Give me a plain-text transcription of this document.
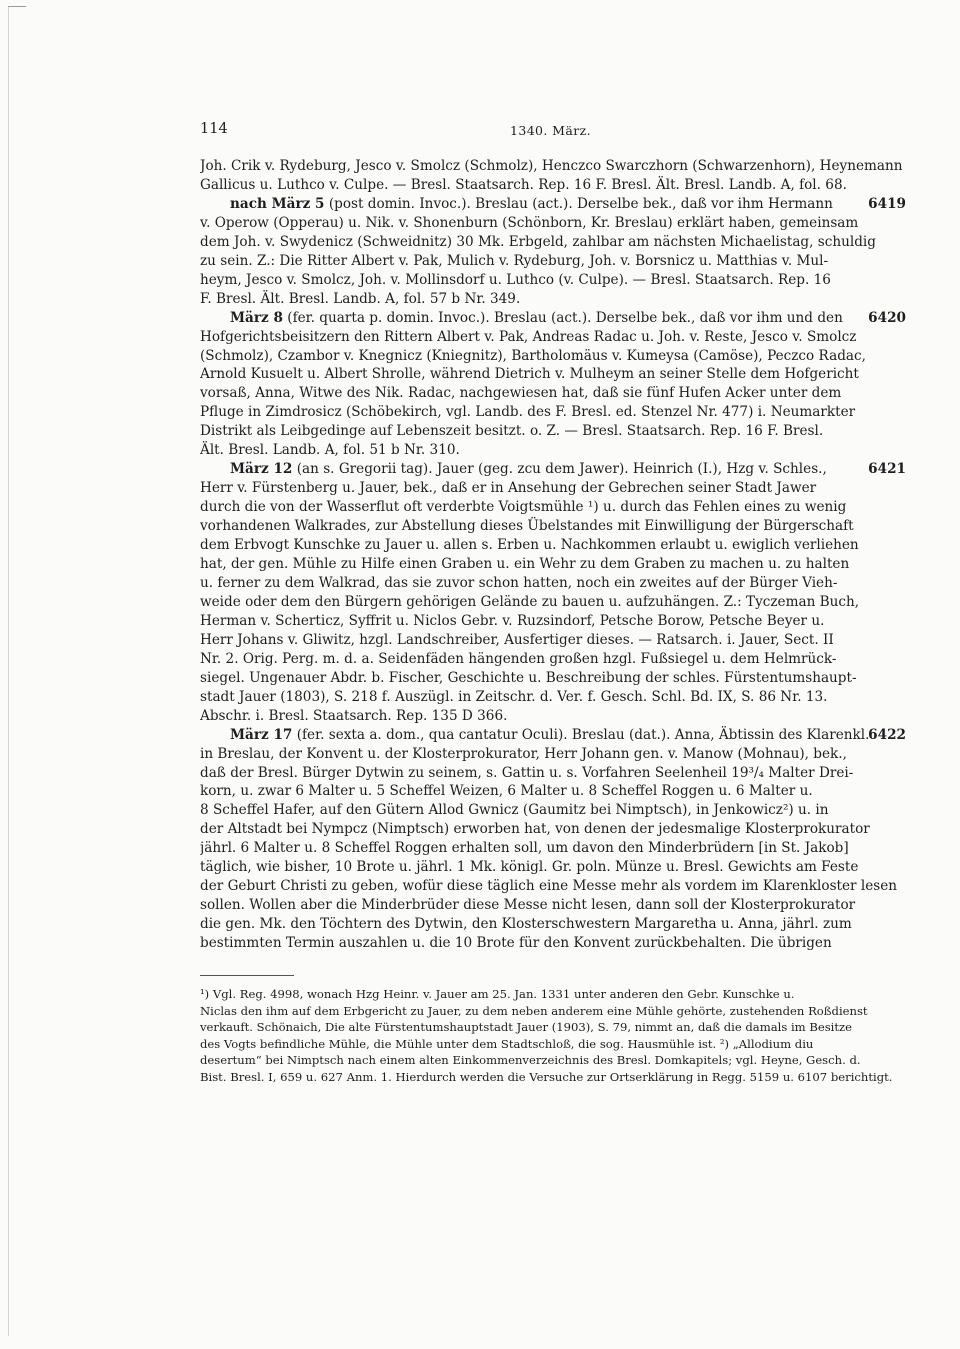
114	1340. März.
Joh. Crik v. Rydeburg, Jesco v. Smolcz (Schmolz), Henczco Swarczhorn (Schwarzenhorn), Heynemann
Gallicus u. Luthco v. Culpe. — Bresl. Staatsarch. Rep. 16 F. Bresl. Ält. Bresl. Landb. A, fol. 68.
6419
nach März 5 (post domin. Invoc.). Breslau (act.). Derselbe bek., daß vor ihm Hermann
v. Operow (Opperau) u. Nik. v. Shonenburn (Schönborn, Kr. Breslau) erklärt haben, gemeinsam
dem Joh. v. Swydenicz (Schweidnitz) 30 Mk. Erbgeld, zahlbar am nächsten Michaelistag, schuldig
zu sein. Z.: Die Ritter Albert v. Pak, Mulich v. Rydeburg, Joh. v. Borsnicz u. Matthias v. Mul-
heym, Jesco v. Smolcz, Joh. v. Mollinsdorf u. Luthco (v. Culpe). — Bresl. Staatsarch. Rep. 16
F. Bresl. Ält. Bresl. Landb. A, fol. 57 b Nr. 349.
6420
März 8 (fer. quarta p. domin. Invoc.). Breslau (act.). Derselbe bek., daß vor ihm und den
Hofgerichtsbeisitzern den Rittern Albert v. Pak, Andreas Radac u. Joh. v. Reste, Jesco v. Smolcz
(Schmolz), Czambor v. Knegnicz (Kniegnitz), Bartholomäus v. Kumeysa (Camöse), Peczco Radac,
Arnold Kusuelt u. Albert Shrolle, während Dietrich v. Mulheym an seiner Stelle dem Hofgericht
vorsaß, Anna, Witwe des Nik. Radac, nachgewiesen hat, daß sie fünf Hufen Acker unter dem
Pfluge in Zimdrosicz (Schöbekirch, vgl. Landb. des F. Bresl. ed. Stenzel Nr. 477) i. Neumarkter
Distrikt als Leibgedinge auf Lebenszeit besitzt. o. Z. — Bresl. Staatsarch. Rep. 16 F. Bresl.
Ält. Bresl. Landb. A, fol. 51 b Nr. 310.
6421
März 12 (an s. Gregorii tag). Jauer (geg. zcu dem Jawer). Heinrich (I.), Hzg v. Schles.,
Herr v. Fürstenberg u. Jauer, bek., daß er in Ansehung der Gebrechen seiner Stadt Jawer
durch die von der Wasserflut oft verderbte Voigtsmühle ¹) u. durch das Fehlen eines zu wenig
vorhandenen Walkrades, zur Abstellung dieses Übelstandes mit Einwilligung der Bürgerschaft
dem Erbvogt Kunschke zu Jauer u. allen s. Erben u. Nachkommen erlaubt u. ewiglich verliehen
hat, der gen. Mühle zu Hilfe einen Graben u. ein Wehr zu dem Graben zu machen u. zu halten
u. ferner zu dem Walkrad, das sie zuvor schon hatten, noch ein zweites auf der Bürger Vieh-
weide oder dem den Bürgern gehörigen Gelände zu bauen u. aufzuhängen. Z.: Tyczeman Buch,
Herman v. Scherticz, Syffrit u. Niclos Gebr. v. Ruzsindorf, Petsche Borow, Petsche Beyer u.
Herr Johans v. Gliwitz, hzgl. Landschreiber, Ausfertiger dieses. — Ratsarch. i. Jauer, Sect. II
Nr. 2. Orig. Perg. m. d. a. Seidenfäden hängenden großen hzgl. Fußsiegel u. dem Helmrück-
siegel. Ungenauer Abdr. b. Fischer, Geschichte u. Beschreibung der schles. Fürstentumshaupt-
stadt Jauer (1803), S. 218 f. Auszügl. in Zeitschr. d. Ver. f. Gesch. Schl. Bd. IX, S. 86 Nr. 13.
Abschr. i. Bresl. Staatsarch. Rep. 135 D 366.
6422
März 17 (fer. sexta a. dom., qua cantatur Oculi). Breslau (dat.). Anna, Äbtissin des Klarenkl.
in Breslau, der Konvent u. der Klosterprokurator, Herr Johann gen. v. Manow (Mohnau), bek.,
daß der Bresl. Bürger Dytwin zu seinem, s. Gattin u. s. Vorfahren Seelenheil 19³/₄ Malter Drei-
korn, u. zwar 6 Malter u. 5 Scheffel Weizen, 6 Malter u. 8 Scheffel Roggen u. 6 Malter u.
8 Scheffel Hafer, auf den Gütern Allod Gwnicz (Gaumitz bei Nimptsch), in Jenkowicz²) u. in
der Altstadt bei Nympcz (Nimptsch) erworben hat, von denen der jedesmalige Klosterprokurator
jährl. 6 Malter u. 8 Scheffel Roggen erhalten soll, um davon den Minderbrüdern [in St. Jakob]
täglich, wie bisher, 10 Brote u. jährl. 1 Mk. königl. Gr. poln. Münze u. Bresl. Gewichts am Feste
der Geburt Christi zu geben, wofür diese täglich eine Messe mehr als vordem im Klarenkloster lesen
sollen. Wollen aber die Minderbrüder diese Messe nicht lesen, dann soll der Klosterprokurator
die gen. Mk. den Töchtern des Dytwin, den Klosterschwestern Margaretha u. Anna, jährl. zum
bestimmten Termin auszahlen u. die 10 Brote für den Konvent zurückbehalten. Die übrigen
¹) Vgl. Reg. 4998, wonach Hzg Heinr. v. Jauer am 25. Jan. 1331 unter anderen den Gebr. Kunschke u.
Niclas den ihm auf dem Erbgericht zu Jauer, zu dem neben anderem eine Mühle gehörte, zustehenden Roßdienst
verkauft. Schönaich, Die alte Fürstentumshauptstadt Jauer (1903), S. 79, nimmt an, daß die damals im Besitze
des Vogts befindliche Mühle, die Mühle unter dem Stadtschloß, die sog. Hausmühle ist. ²) „Allodium diu
desertum“ bei Nimptsch nach einem alten Einkommenverzeichnis des Bresl. Domkapitels; vgl. Heyne, Gesch. d.
Bist. Bresl. I, 659 u. 627 Anm. 1. Hierdurch werden die Versuche zur Ortserklärung in Regg. 5159 u. 6107 berichtigt.
